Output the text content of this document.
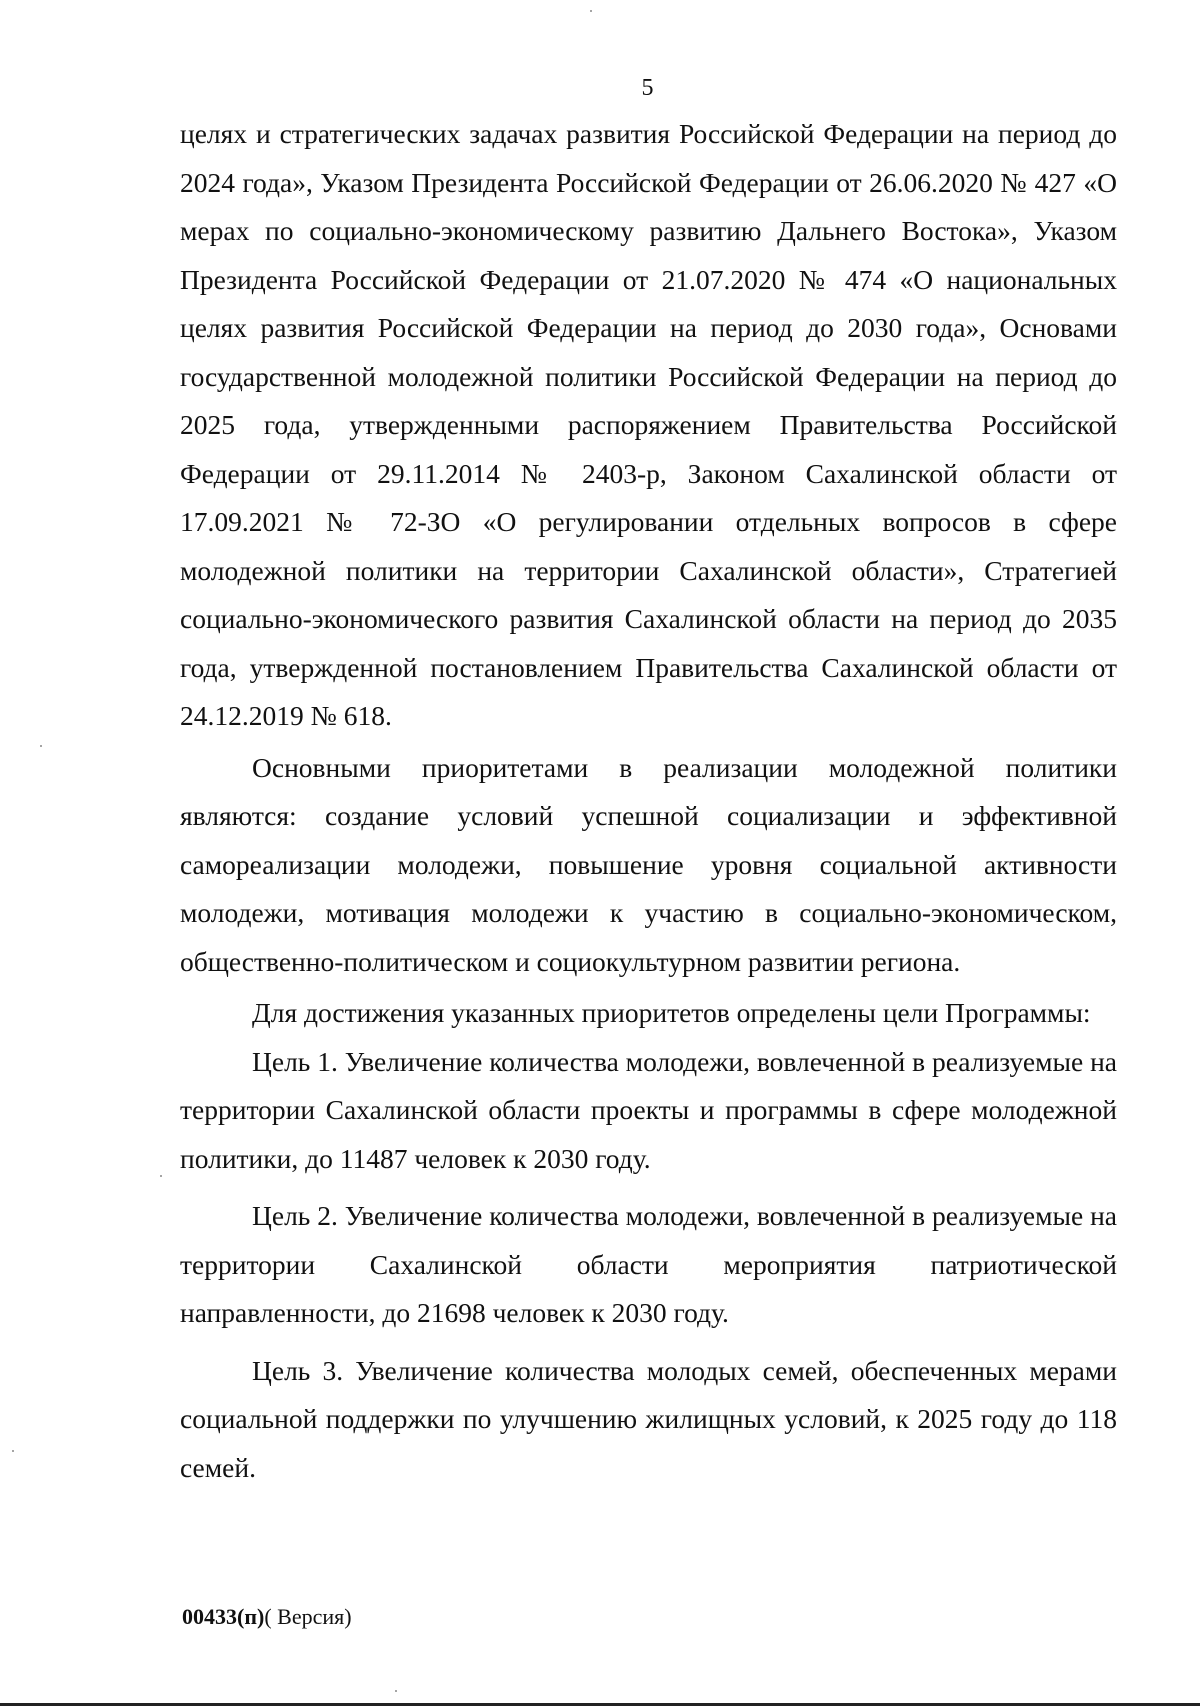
5

целях и стратегических задачах развития Российской Федерации на период до 2024 года», Указом Президента Российской Федерации от 26.06.2020 № 427 «О мерах по социально-экономическому развитию Дальнего Востока», Указом Президента Российской Федерации от 21.07.2020 № 474 «О национальных целях развития Российской Федерации на период до 2030 года», Основами государственной молодежной политики Российской Федерации на период до 2025 года, утвержденными распоряжением Правительства Российской Федерации от 29.11.2014 № 2403-р, Законом Сахалинской области от 17.09.2021 № 72-ЗО «О регулировании отдельных вопросов в сфере молодежной политики на территории Сахалинской области», Стратегией социально-экономического развития Сахалинской области на период до 2035 года, утвержденной постановлением Правительства Сахалинской области от 24.12.2019 № 618.

Основными приоритетами в реализации молодежной политики являются: создание условий успешной социализации и эффективной самореализации молодежи, повышение уровня социальной активности молодежи, мотивация молодежи к участию в социально-экономическом, общественно-политическом и социокультурном развитии региона.

Для достижения указанных приоритетов определены цели Программы:

Цель 1. Увеличение количества молодежи, вовлеченной в реализуемые на территории Сахалинской области проекты и программы в сфере молодежной политики, до 11487 человек к 2030 году.

Цель 2. Увеличение количества молодежи, вовлеченной в реализуемые на территории Сахалинской области мероприятия патриотической направленности, до 21698 человек к 2030 году.

Цель 3. Увеличение количества молодых семей, обеспеченных мерами социальной поддержки по улучшению жилищных условий, к 2025 году до 118 семей.

00433(п)( Версия)
